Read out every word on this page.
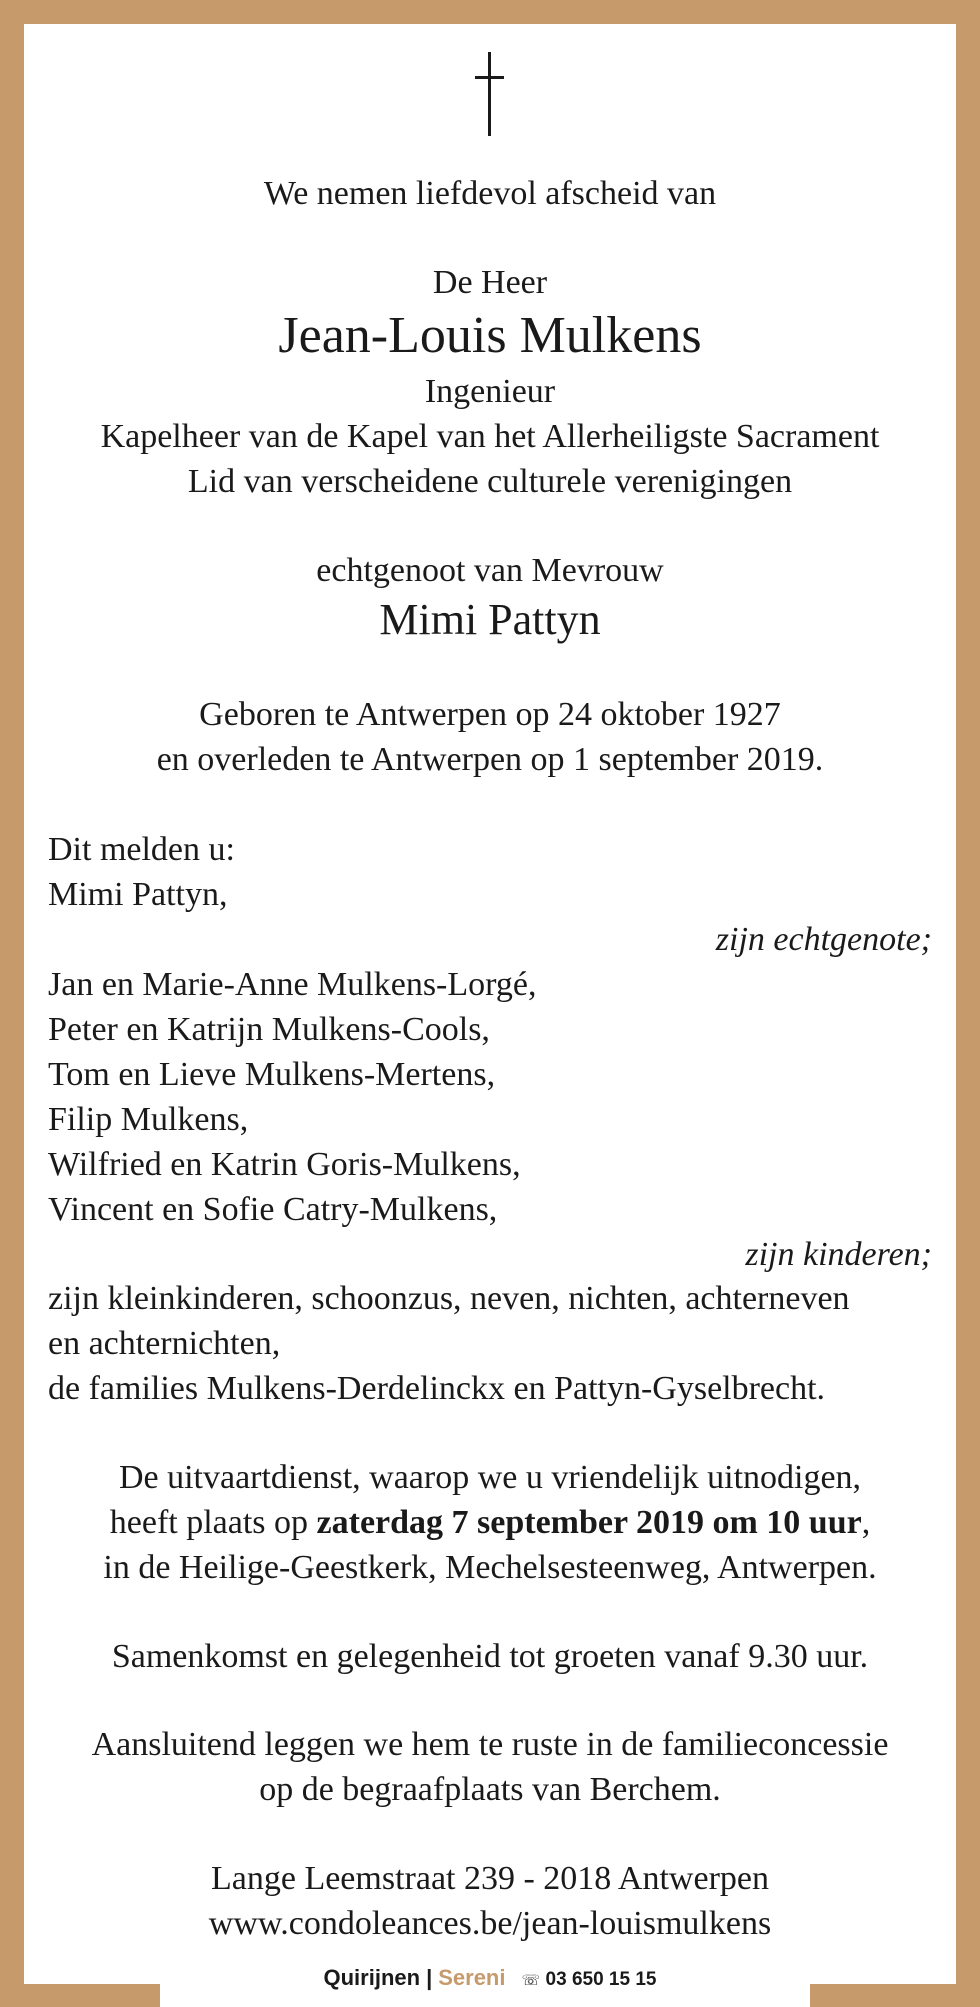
We nemen liefdevol afscheid van
De Heer
Jean-Louis Mulkens
Ingenieur
Kapelheer van de Kapel van het Allerheiligste Sacrament
Lid van verscheidene culturele verenigingen
echtgenoot van Mevrouw
Mimi Pattyn
Geboren te Antwerpen op 24 oktober 1927
en overleden te Antwerpen op 1 september 2019.
Dit melden u:
Mimi Pattyn,
zijn echtgenote;
Jan en Marie-Anne Mulkens-Lorgé,
Peter en Katrijn Mulkens-Cools,
Tom en Lieve Mulkens-Mertens,
Filip Mulkens,
Wilfried en Katrin Goris-Mulkens,
Vincent en Sofie Catry-Mulkens,
zijn kinderen;
zijn kleinkinderen, schoonzus, neven, nichten, achterneven
en achternichten,
de families Mulkens-Derdelinckx en Pattyn-Gyselbrecht.
De uitvaartdienst, waarop we u vriendelijk uitnodigen,
heeft plaats op zaterdag 7 september 2019 om 10 uur,
in de Heilige-Geestkerk, Mechelsesteenweg, Antwerpen.
Samenkomst en gelegenheid tot groeten vanaf 9.30 uur.
Aansluitend leggen we hem te ruste in de familieconcessie
op de begraafplaats van Berchem.
Lange Leemstraat 239 - 2018 Antwerpen
www.condoleances.be/jean-louismulkens
Quirijnen | Sereni ☏ 03 650 15 15
